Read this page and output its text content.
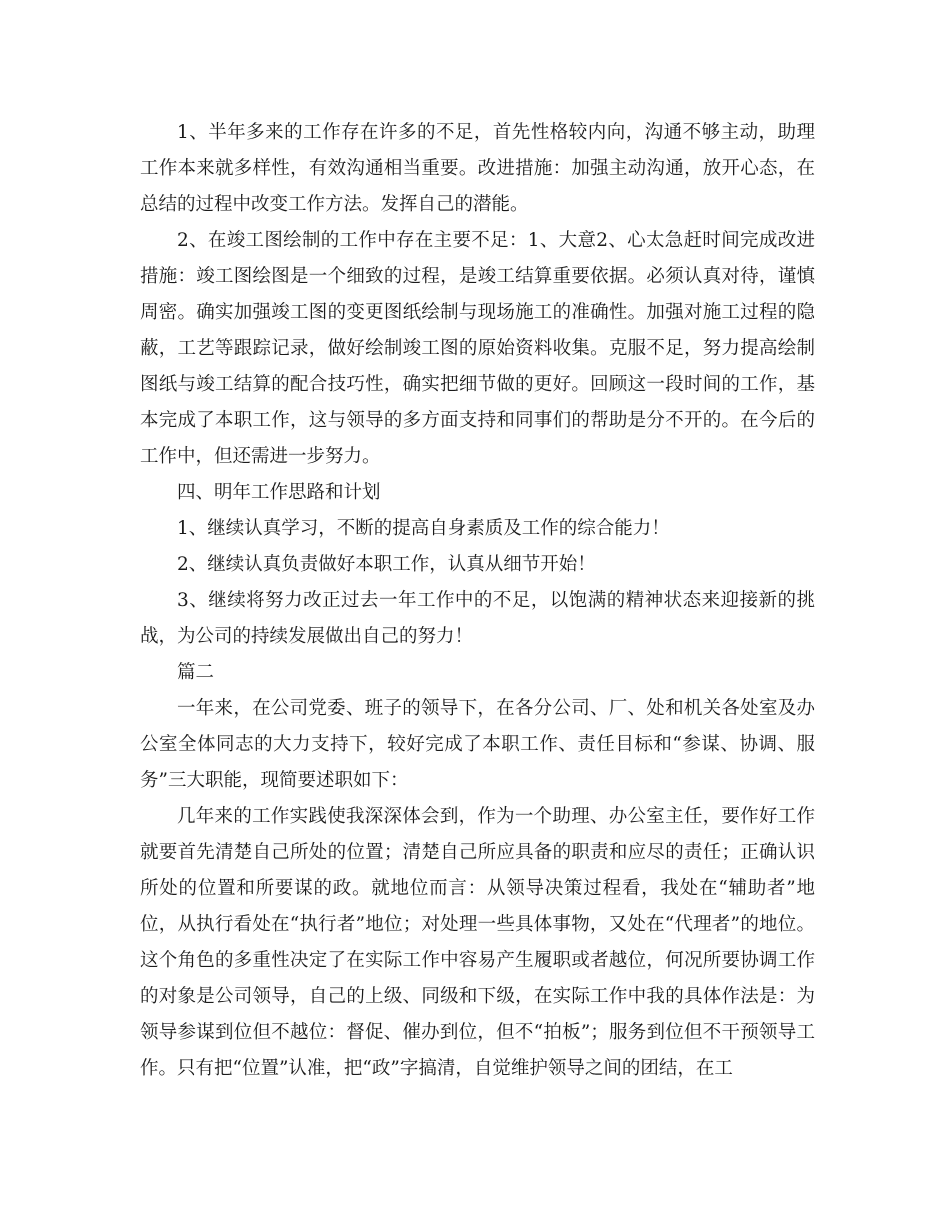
1、半年多来的工作存在许多的不足，首先性格较内向，沟通不够主动，助理工作本来就多样性，有效沟通相当重要。改进措施：加强主动沟通，放开心态，在总结的过程中改变工作方法。发挥自己的潜能。

2、在竣工图绘制的工作中存在主要不足：1、大意2、心太急赶时间完成改进措施：竣工图绘图是一个细致的过程，是竣工结算重要依据。必须认真对待，谨慎周密。确实加强竣工图的变更图纸绘制与现场施工的准确性。加强对施工过程的隐蔽，工艺等跟踪记录，做好绘制竣工图的原始资料收集。克服不足，努力提高绘制图纸与竣工结算的配合技巧性，确实把细节做的更好。回顾这一段时间的工作，基本完成了本职工作，这与领导的多方面支持和同事们的帮助是分不开的。在今后的工作中，但还需进一步努力。

四、明年工作思路和计划

1、继续认真学习，不断的提高自身素质及工作的综合能力！

2、继续认真负责做好本职工作，认真从细节开始！

3、继续将努力改正过去一年工作中的不足，以饱满的精神状态来迎接新的挑战，为公司的持续发展做出自己的努力！

篇二

一年来，在公司党委、班子的领导下，在各分公司、厂、处和机关各处室及办公室全体同志的大力支持下，较好完成了本职工作、责任目标和“参谋、协调、服务”三大职能，现简要述职如下：

几年来的工作实践使我深深体会到，作为一个助理、办公室主任，要作好工作就要首先清楚自己所处的位置；清楚自己所应具备的职责和应尽的责任；正确认识所处的位置和所要谋的政。就地位而言：从领导决策过程看，我处在“辅助者”地位，从执行看处在“执行者”地位；对处理一些具体事物，又处在“代理者”的地位。这个角色的多重性决定了在实际工作中容易产生履职或者越位，何况所要协调工作的对象是公司领导，自己的上级、同级和下级，在实际工作中我的具体作法是：为领导参谋到位但不越位：督促、催办到位，但不“拍板”；服务到位但不干预领导工作。只有把“位置”认准，把“政”字搞清，自觉维护领导之间的团结，在工
